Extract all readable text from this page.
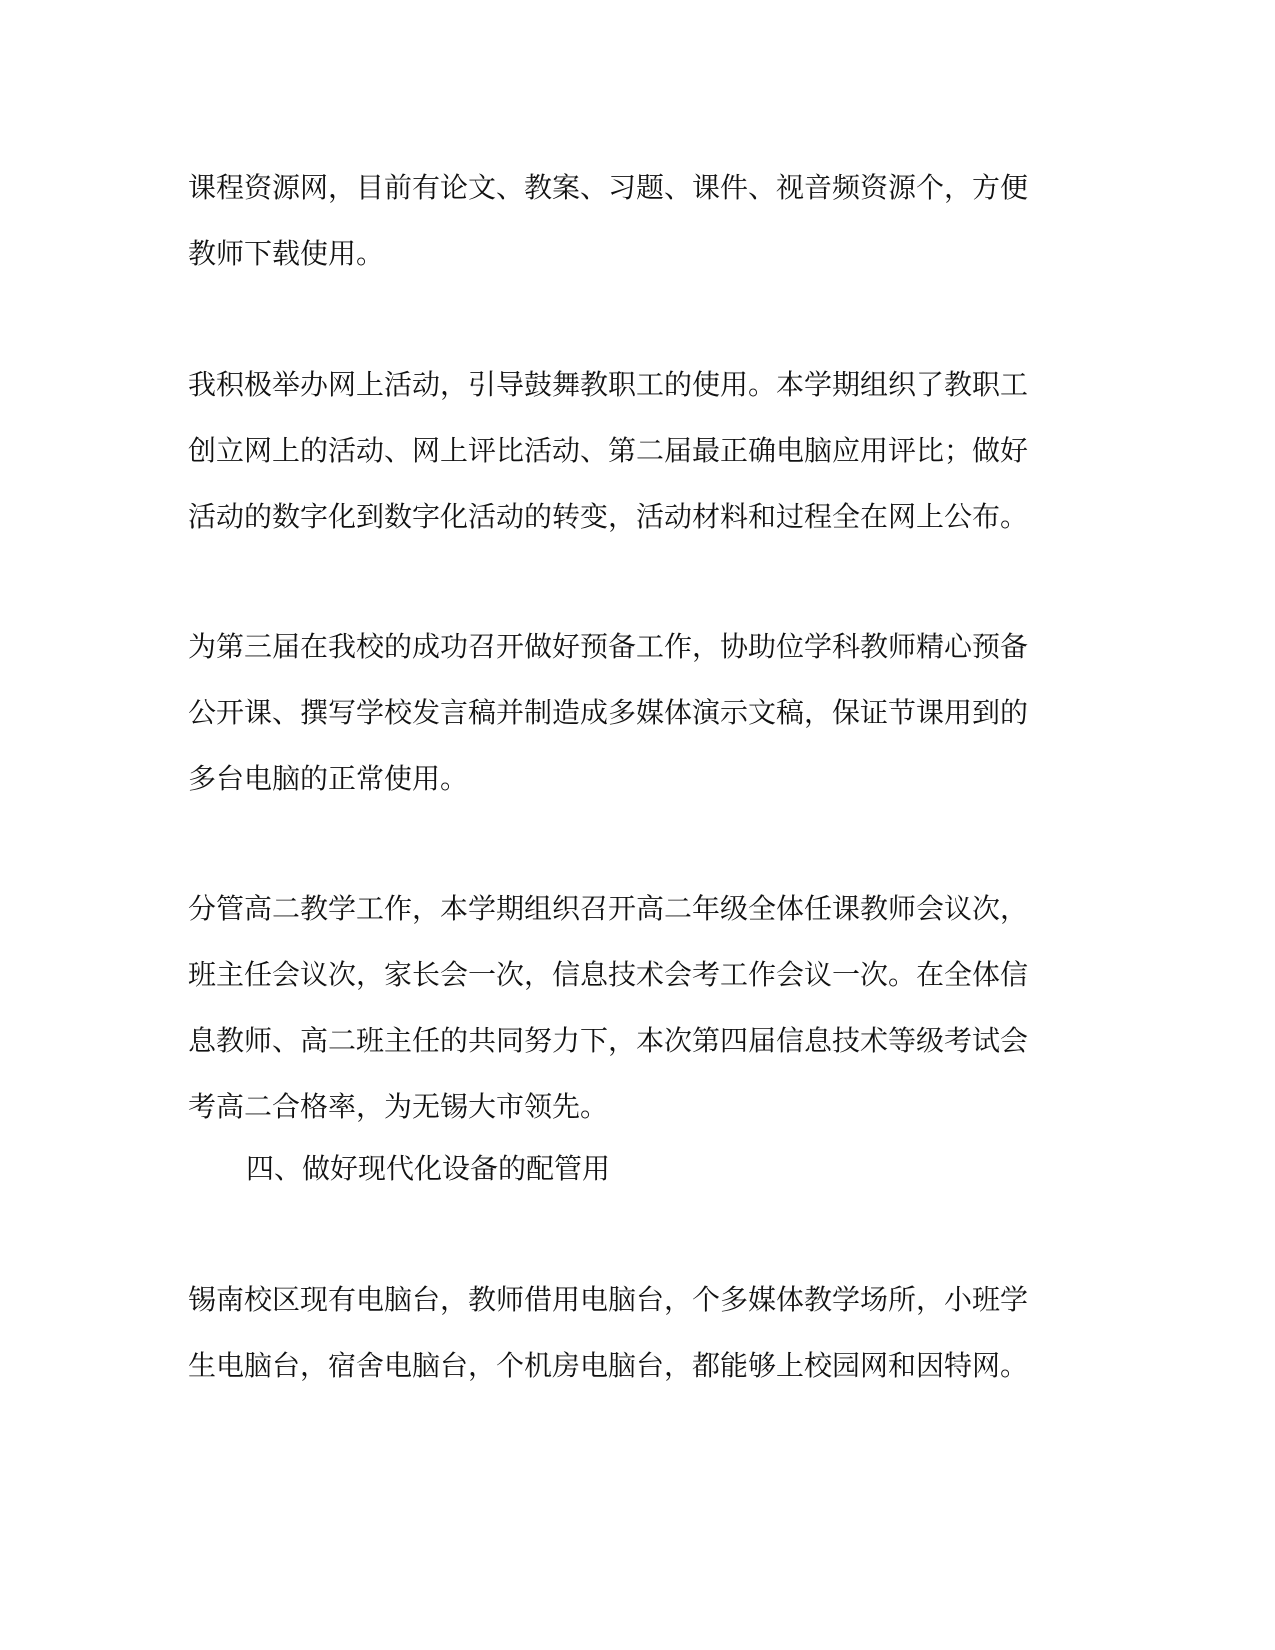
课程资源网，目前有论文、教案、习题、课件、视音频资源个，方便
教师下载使用。
我积极举办网上活动，引导鼓舞教职工的使用。本学期组织了教职工
创立网上的活动、网上评比活动、第二届最正确电脑应用评比；做好
活动的数字化到数字化活动的转变，活动材料和过程全在网上公布。
为第三届在我校的成功召开做好预备工作，协助位学科教师精心预备
公开课、撰写学校发言稿并制造成多媒体演示文稿，保证节课用到的
多台电脑的正常使用。
分管高二教学工作，本学期组织召开高二年级全体任课教师会议次，
班主任会议次，家长会一次，信息技术会考工作会议一次。在全体信
息教师、高二班主任的共同努力下，本次第四届信息技术等级考试会
考高二合格率，为无锡大市领先。
四、做好现代化设备的配管用
锡南校区现有电脑台，教师借用电脑台，个多媒体教学场所，小班学
生电脑台，宿舍电脑台，个机房电脑台，都能够上校园网和因特网。
